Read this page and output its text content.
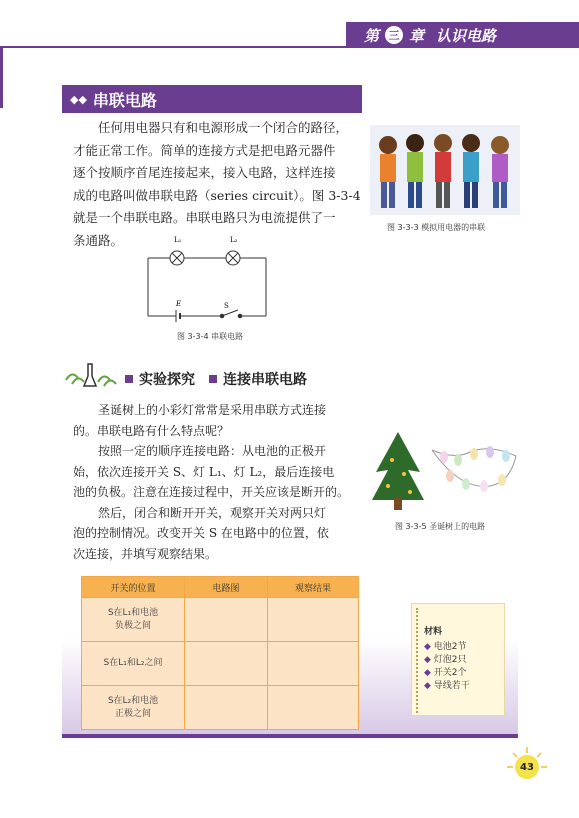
第 三 章 认识电路
◆◆ 串联电路
任何用电器只有和电源形成一个闭合的路径，
才能正常工作。简单的连接方式是把电路元器件
逐个按顺序首尾连接起来，接入电路，这样连接
成的电路叫做串联电路（series circuit）。图 3-3-4
就是一个串联电路。串联电路只为电流提供了一
条通路。
图 3-3-3 模拟用电器的串联
L₁	L₂
E	S
图 3-3-4 串联电路
实验探究 连接串联电路
圣诞树上的小彩灯常常是采用串联方式连接
的。串联电路有什么特点呢？
按照一定的顺序连接电路：从电池的正极开
始，依次连接开关 S、灯 L₁、灯 L₂，最后连接电
池的负极。注意在连接过程中，开关应该是断开的。
然后，闭合和断开开关，观察开关对两只灯
泡的控制情况。改变开关 S 在电路中的位置，依
次连接，并填写观察结果。
图 3-3-5 圣诞树上的电路
开关的位置	电路图	观察结果

S在L₁和电池
负极之间		

S在L₁和L₂之间		

S在L₂和电池
正极之间		

材料
◆ 电池2节
◆ 灯泡2只
◆ 开关2个
◆ 导线若干
43
